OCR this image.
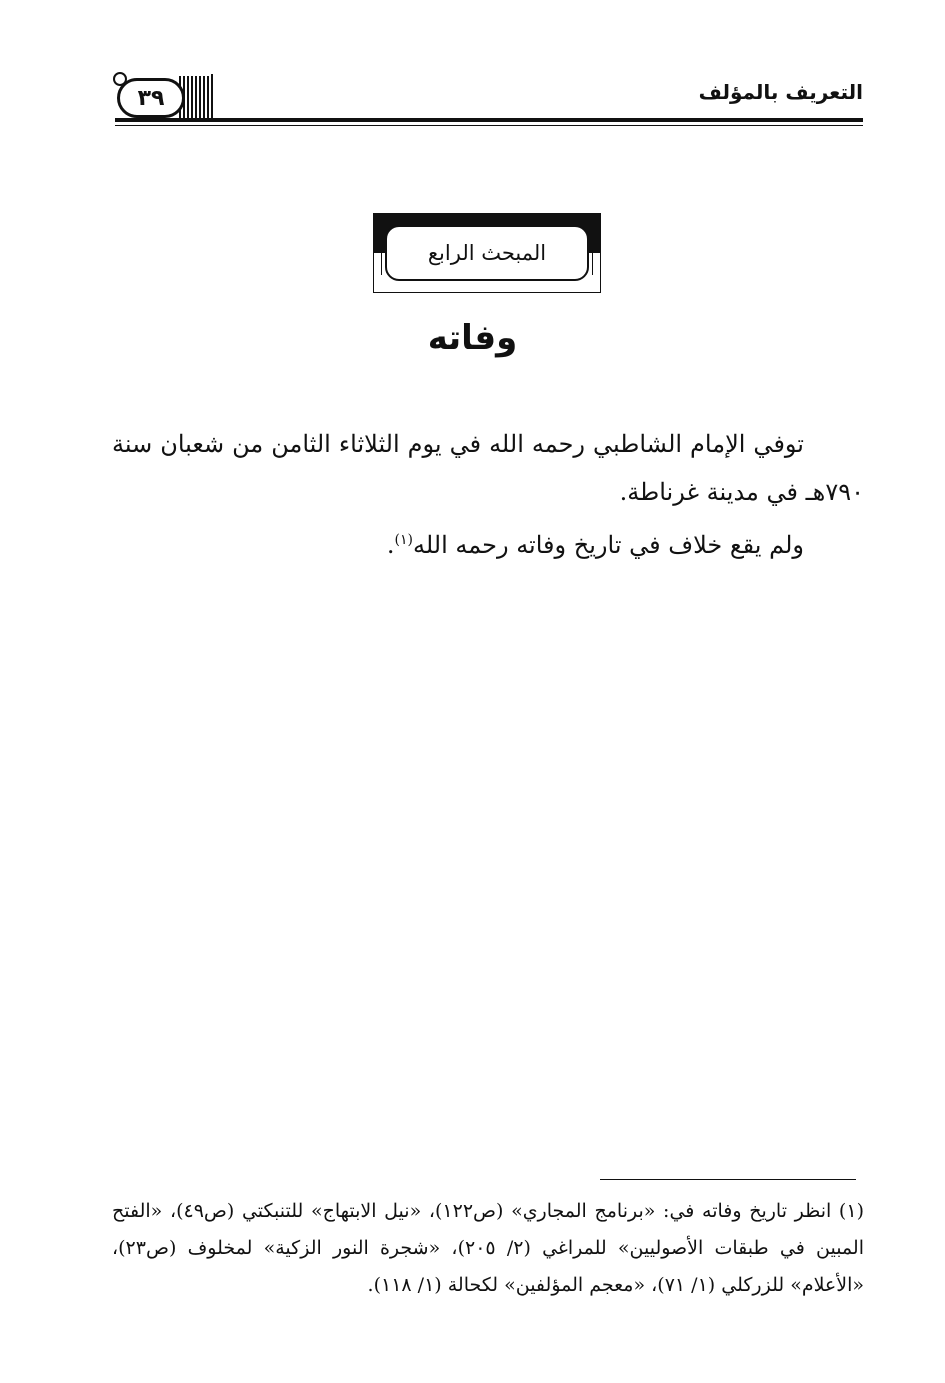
التعريف بالمؤلف
٣٩
المبحث الرابع
وفاته

توفي الإمام الشاطبي رحمه الله في يوم الثلاثاء الثامن من شعبان سنة ٧٩٠هـ في مدينة غرناطة.

ولم يقع خلاف في تاريخ وفاته رحمه الله$^{(١)}$.

(١) انظر تاريخ وفاته في: «برنامج المجاري» (ص١٢٢)، «نيل الابتهاج» للتنبكتي (ص٤٩)، «الفتح المبين في طبقات الأصوليين» للمراغي (٢/ ٢٠٥)، «شجرة النور الزكية» لمخلوف (ص٢٣)، «الأعلام» للزركلي (١/ ٧١)، «معجم المؤلفين» لكحالة (١/ ١١٨).
